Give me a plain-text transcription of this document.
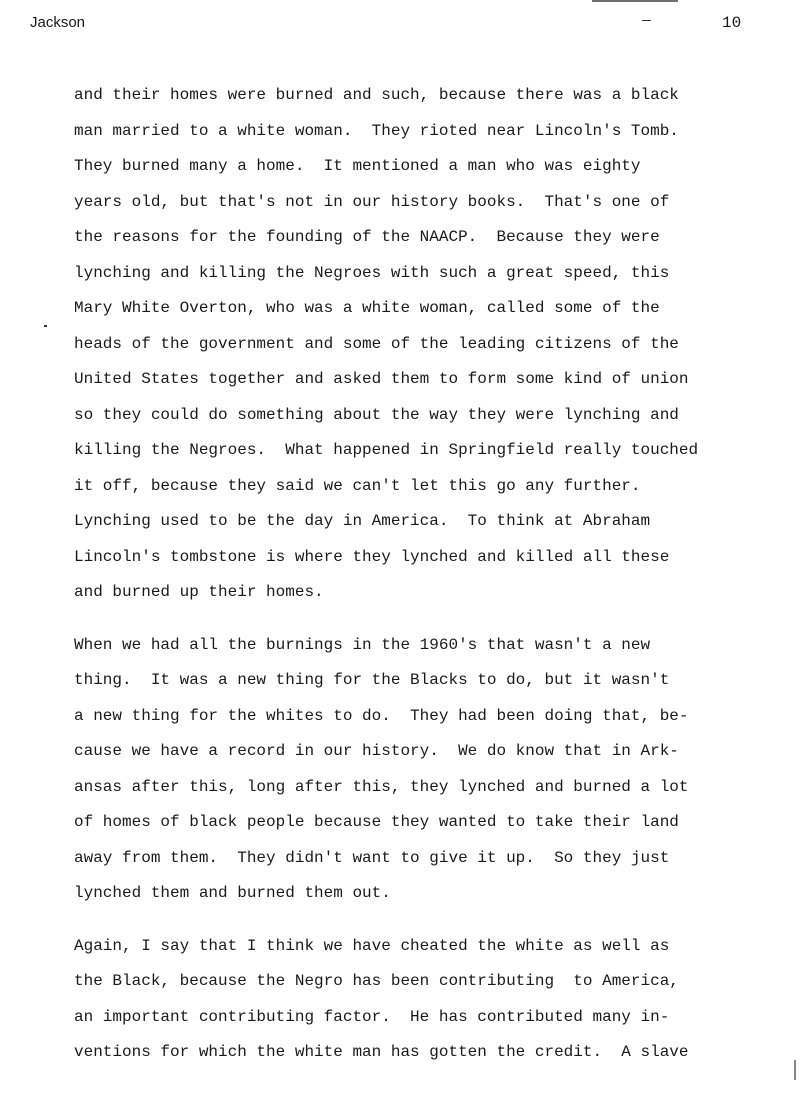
Jackson	10
and their homes were burned and such, because there was a black
man married to a white woman.  They rioted near Lincoln's Tomb.
They burned many a home.  It mentioned a man who was eighty
years old, but that's not in our history books.  That's one of
the reasons for the founding of the NAACP.  Because they were
lynching and killing the Negroes with such a great speed, this
Mary White Overton, who was a white woman, called some of the
heads of the government and some of the leading citizens of the
United States together and asked them to form some kind of union
so they could do something about the way they were lynching and
killing the Negroes.  What happened in Springfield really touched
it off, because they said we can't let this go any further.
Lynching used to be the day in America.  To think at Abraham
Lincoln's tombstone is where they lynched and killed all these
and burned up their homes.
When we had all the burnings in the 1960's that wasn't a new
thing.  It was a new thing for the Blacks to do, but it wasn't
a new thing for the whites to do.  They had been doing that, be-
cause we have a record in our history.  We do know that in Ark-
ansas after this, long after this, they lynched and burned a lot
of homes of black people because they wanted to take their land
away from them.  They didn't want to give it up.  So they just
lynched them and burned them out.
Again, I say that I think we have cheated the white as well as
the Black, because the Negro has been contributing  to America,
an important contributing factor.  He has contributed many in-
ventions for which the white man has gotten the credit.  A slave
